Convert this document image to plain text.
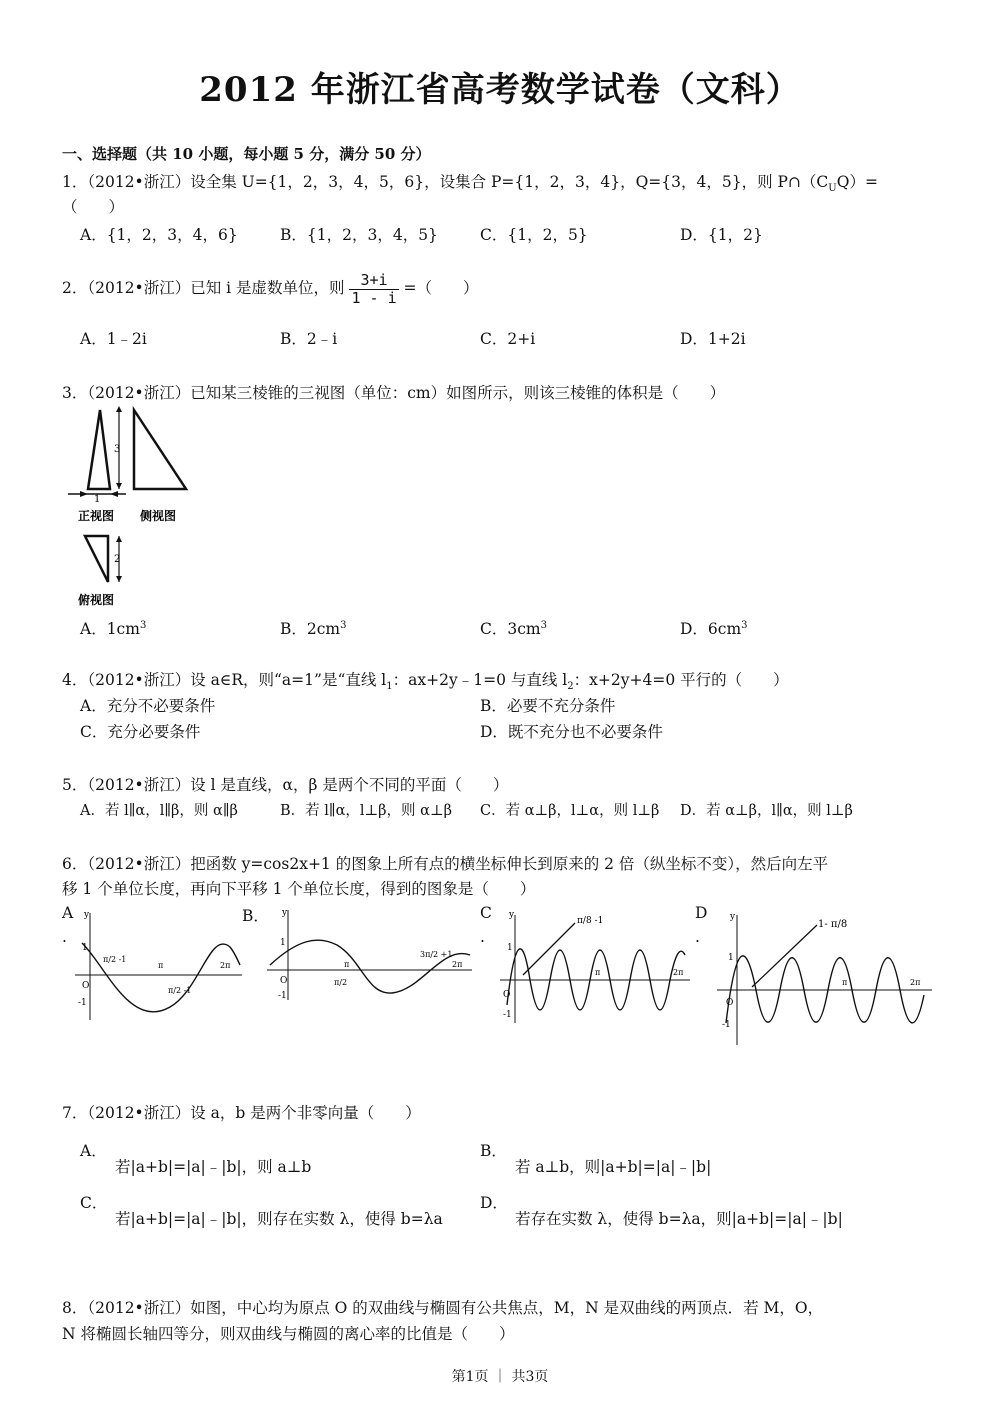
2012 年浙江省高考数学试卷（文科）
一、选择题（共 10 小题，每小题 5 分，满分 50 分）
1．（2012•浙江）设全集 U={1，2，3，4，5，6}，设集合 P={1，2，3，4}，Q={3，4，5}，则 $P\cap(C_UQ)=$
（　　）
A．{1，2，3，4，6}	B．{1，2，3，4，5}	C．{1，2，5}	D．{1，2}
2．（2012•浙江）已知 i 是虚数单位，则 $\frac{3+i}{1 - i}$ =（　　）
A．1﹣2i	B．2﹣i	C．2+i	D．1+2i
3．（2012•浙江）已知某三棱锥的三视图（单位：cm）如图所示，则该三棱锥的体积是（　　）
3
1
正视图 侧视图
2
俯视图
A．$1cm^3$	B．$2cm^3$	C．$3cm^3$	D．$6cm^3$
4．（2012•浙江）设 a∈R，则“a=1”是“直线 $l_1$：ax+2y﹣1=0 与直线 $l_2$：x+2y+4=0 平行的（　　）
A．充分不必要条件	B．必要不充分条件
C．充分必要条件	D．既不充分也不必要条件
5．（2012•浙江）设 l 是直线，α，β 是两个不同的平面（　　）
A．若 l∥α，l∥β，则 α∥β	B．若 l∥α，l⊥β，则 α⊥β C．若 α⊥β，l⊥α，则 l⊥β D．若 α⊥β，l∥α，则 l⊥β
6．（2012•浙江）把函数 y=cos2x+1 的图象上所有点的横坐标伸长到原来的 2 倍（纵坐标不变），然后向左平
移 1 个单位长度，再向下平移 1 个单位长度，得到的图象是（　　）
A
.
B．	C
.
D
.
y
1
O
-1
π/2 -1
π
π/2 -1
2π
y
1
O
-1
π
π/2
3π/2 +1
2π
y
1
O
-1
π/8 -1
π	2π
y
1
O
-1
1- π/8
π	2π
7．（2012•浙江）设 a，b 是两个非零向量（　　）
A．
若|a+b|=|a|﹣|b|，则 a⊥b
B．
若 a⊥b，则|a+b|=|a|﹣|b|
C．
若|a+b|=|a|﹣|b|，则存在实数 λ，使得 b=λa
D．
若存在实数 λ，使得 b=λa，则|a+b|=|a|﹣|b|
8．（2012•浙江）如图，中心均为原点 O 的双曲线与椭圆有公共焦点，M，N 是双曲线的两顶点．若 M，O，
N 将椭圆长轴四等分，则双曲线与椭圆的离心率的比值是（　　）
第1页 ｜ 共3页
